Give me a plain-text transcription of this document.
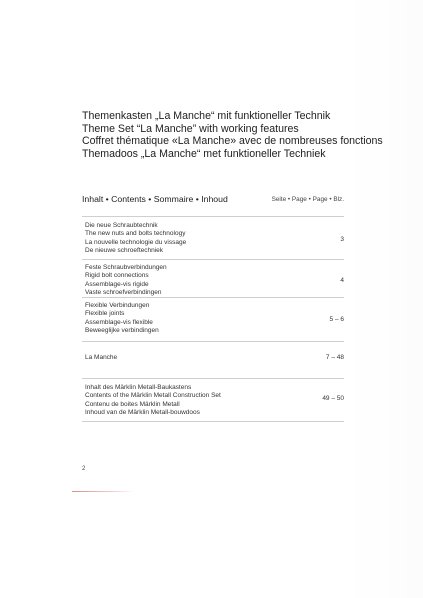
Themenkasten „La Manche“ mit funktioneller Technik
Theme Set “La Manche” with working features
Coffret thématique «La Manche» avec de nombreuses fonctions
Themadoos „La Manche“ met funktioneller Techniek
Inhalt • Contents • Sommaire • Inhoud	Seite • Page • Page • Blz.
Die neue Schraubtechnik
The new nuts and bolts technology
La nouvelle technologie du vissage
De nieuwe schroeftechniek
3
Feste Schraubverbindungen
Rigid bolt connections
Assemblage-vis rigide
Vaste schroefverbindingen
4
Flexible Verbindungen
Flexible joints
Assemblage-vis flexible
Beweeglijke verbindingen
5 – 6
La Manche	7 – 48
Inhalt des Märklin Metall-Baukastens
Contents of the Märklin Metall Construction Set
Contenu de boites Märklin Metall
Inhoud van de Märklin Metall-bouwdoos
49 – 50
2
